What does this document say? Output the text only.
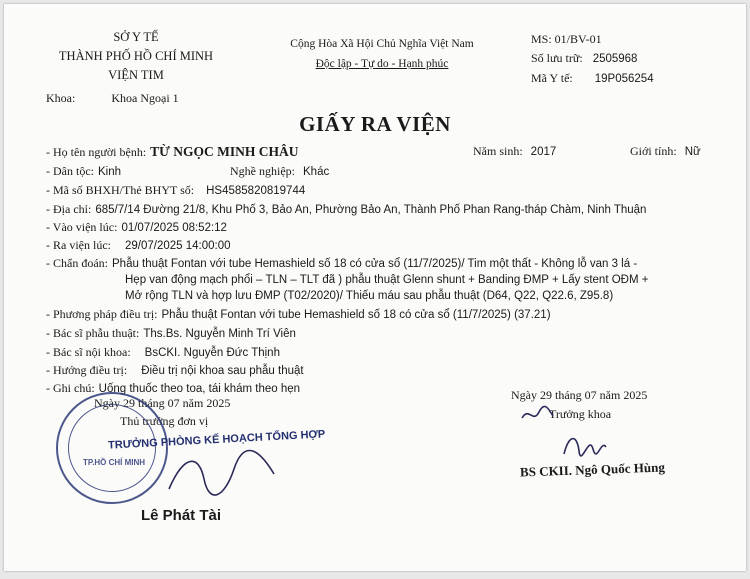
SỞ Y TẾ
THÀNH PHỐ HỒ CHÍ MINH
VIỆN TIM
Cộng Hòa Xã Hội Chủ Nghĩa Việt Nam
Độc lập - Tự do - Hạnh phúc
MS: 01/BV-01
Số lưu trữ: 2505968
Mã Y tế: 19P056254
Khoa:	Khoa Ngoại 1
GIẤY RA VIỆN
- Họ tên người bệnh: TỪ NGỌC MINH CHÂU	Năm sinh: 2017	Giới tính: Nữ
- Dân tộc: Kinh	Nghề nghiệp: Khác
- Mã số BHXH/Thẻ BHYT số: HS4585820819744
- Địa chỉ: 685/7/14 Đường 21/8, Khu Phố 3, Bảo An, Phường Bảo An, Thành Phố Phan Rang-tháp Chàm, Ninh Thuận
- Vào viện lúc: 01/07/2025 08:52:12
- Ra viện lúc: 29/07/2025 14:00:00
- Chẩn đoán: Phẫu thuật Fontan với tube Hemashield số 18 có cửa sổ (11/7/2025)/ Tim một thất - Không lỗ van 3 lá -
Hẹp van động mạch phổi – TLN – TLT đã ) phẫu thuật Glenn shunt + Banding ĐMP + Lấy stent OĐM +
Mở rộng TLN và hợp lưu ĐMP (T02/2020)/ Thiếu máu sau phẫu thuật (D64, Q22, Q22.6, Z95.8)
- Phương pháp điều trị: Phẫu thuật Fontan với tube Hemashield số 18 có cửa sổ (11/7/2025) (37.21)
- Bác sĩ phẫu thuật: Ths.Bs. Nguyễn Minh Trí Viên
- Bác sĩ nội khoa: BsCKI. Nguyễn Đức Thịnh
- Hướng điều trị: Điều trị nội khoa sau phẫu thuật
- Ghi chú: Uống thuốc theo toa, tái khám theo hẹn
Ngày 29 tháng 07 năm 2025
Thủ trưởng đơn vị
TP.HỒ CHÍ MINH
TRƯỞNG PHÒNG KẾ HOẠCH TỔNG HỢP
Lê Phát Tài
Ngày 29 tháng 07 năm 2025
Trưởng khoa
BS CKII. Ngô Quốc Hùng
